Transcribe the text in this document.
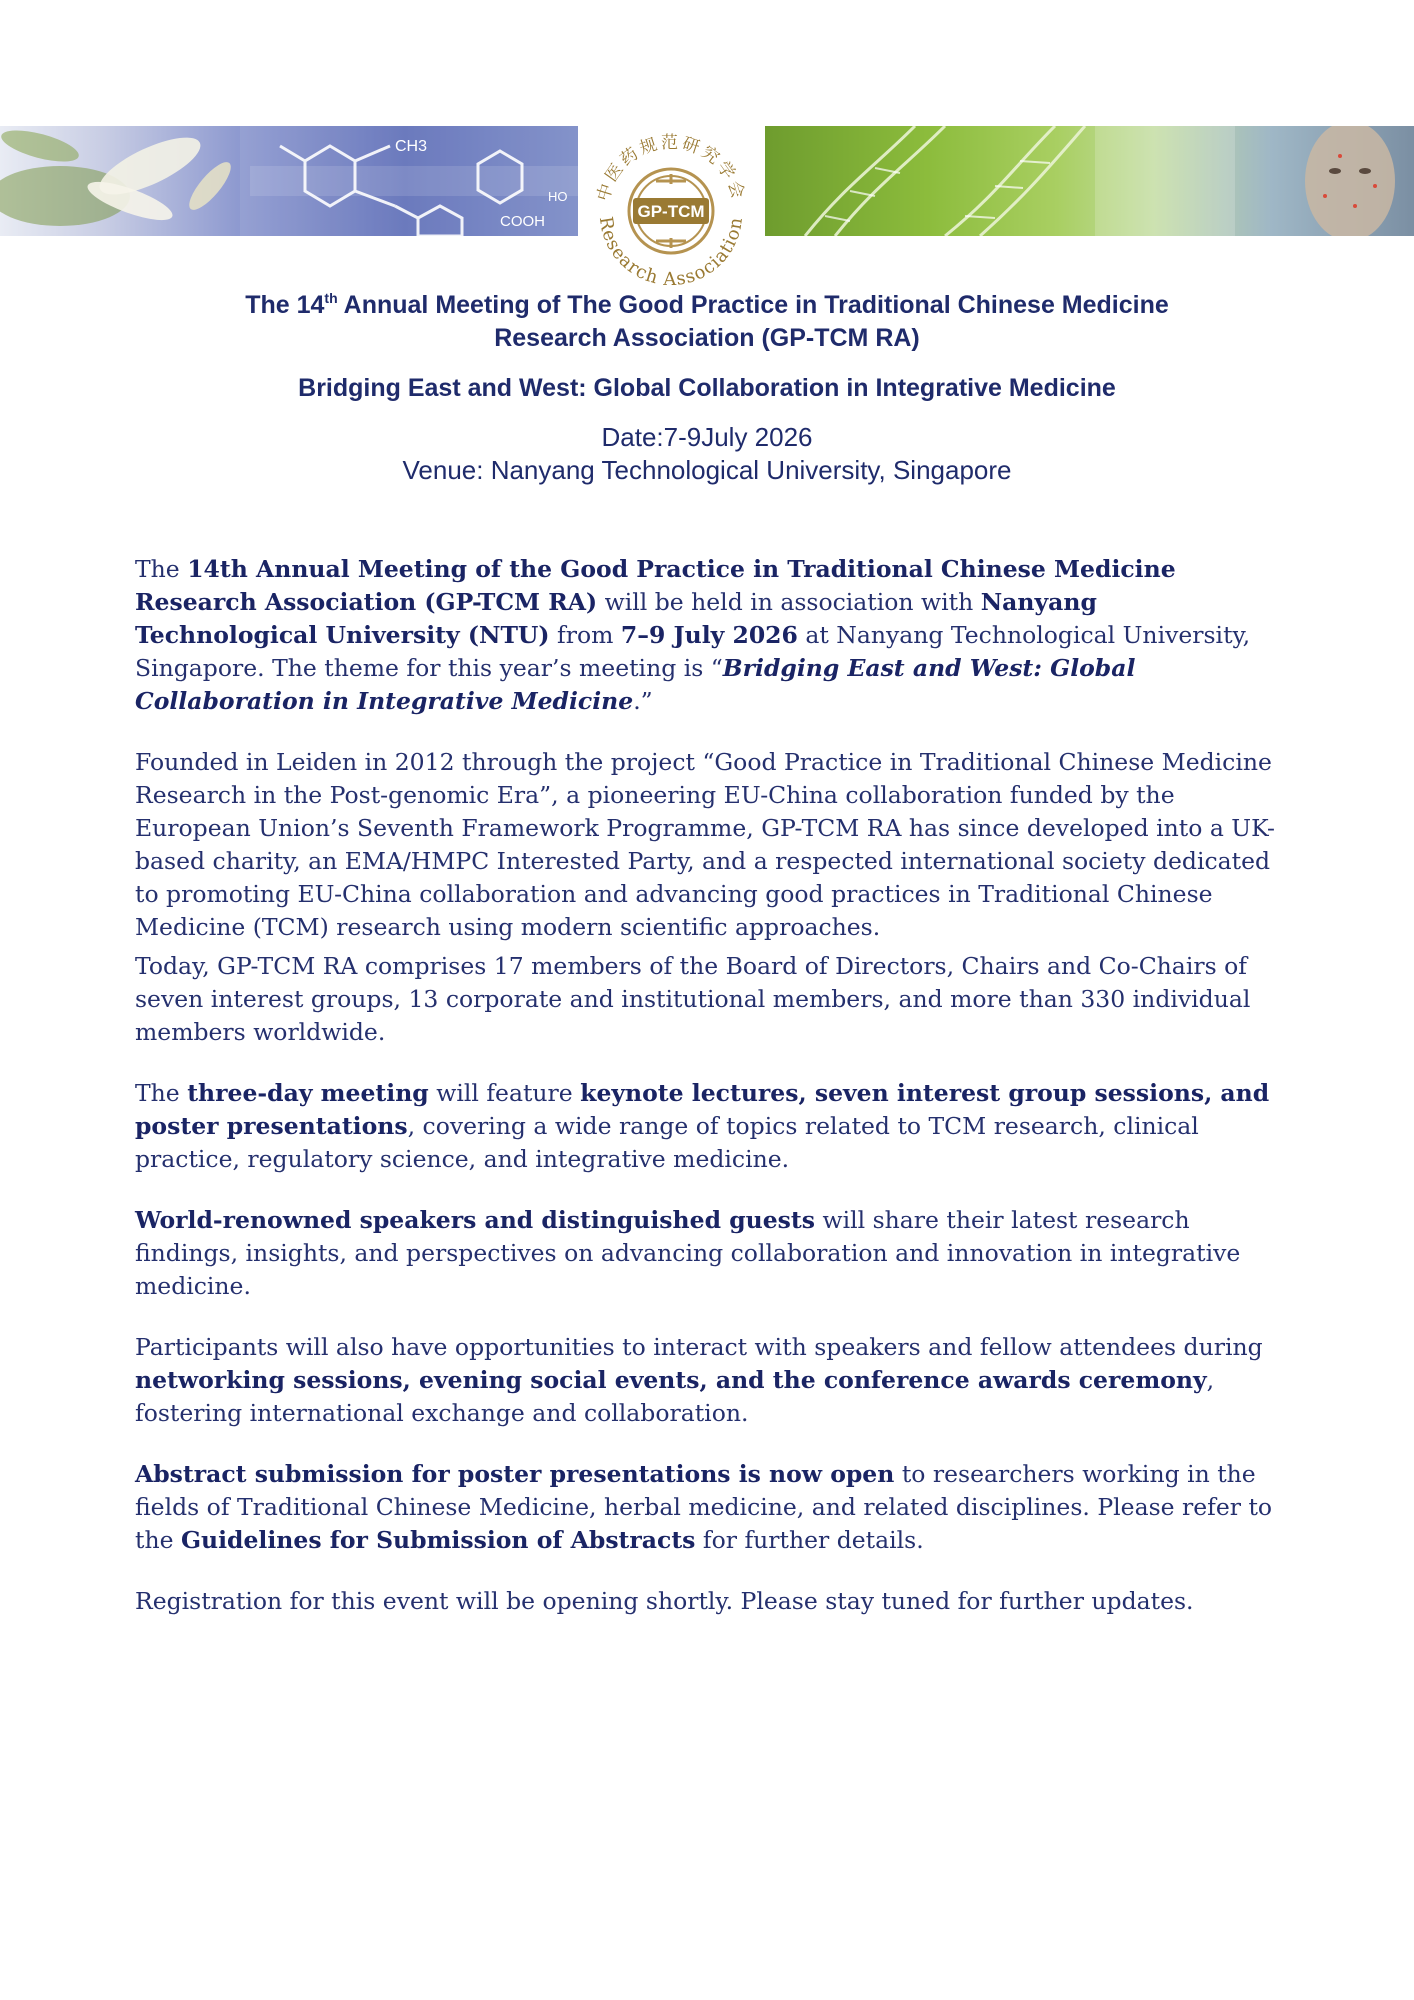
CH3
COOH
HO 中医药规范研究学会
Research Association
GP-TCM
The 14th Annual Meeting of The Good Practice in Traditional Chinese Medicine
Research Association (GP-TCM RA)
Bridging East and West: Global Collaboration in Integrative Medicine
Date:7-9July 2026
Venue: Nanyang Technological University, Singapore

The 14th Annual Meeting of the Good Practice in Traditional Chinese Medicine Research Association (GP-TCM RA) will be held in association with Nanyang Technological University (NTU) from 7–9 July 2026 at Nanyang Technological University, Singapore. The theme for this year’s meeting is “Bridging East and West: Global Collaboration in Integrative Medicine.”

Founded in Leiden in 2012 through the project “Good Practice in Traditional Chinese Medicine Research in the Post-genomic Era”, a pioneering EU-China collaboration funded by the European Union’s Seventh Framework Programme, GP-TCM RA has since developed into a UK-based charity, an EMA/HMPC Interested Party, and a respected international society dedicated to promoting EU-China collaboration and advancing good practices in Traditional Chinese Medicine (TCM) research using modern scientific approaches.

Today, GP-TCM RA comprises 17 members of the Board of Directors, Chairs and Co-Chairs of seven interest groups, 13 corporate and institutional members, and more than 330 individual members worldwide.

The three-day meeting will feature keynote lectures, seven interest group sessions, and poster presentations, covering a wide range of topics related to TCM research, clinical practice, regulatory science, and integrative medicine.

World-renowned speakers and distinguished guests will share their latest research findings, insights, and perspectives on advancing collaboration and innovation in integrative medicine.

Participants will also have opportunities to interact with speakers and fellow attendees during networking sessions, evening social events, and the conference awards ceremony, fostering international exchange and collaboration.

Abstract submission for poster presentations is now open to researchers working in the fields of Traditional Chinese Medicine, herbal medicine, and related disciplines. Please refer to the Guidelines for Submission of Abstracts for further details.

Registration for this event will be opening shortly. Please stay tuned for further updates.
